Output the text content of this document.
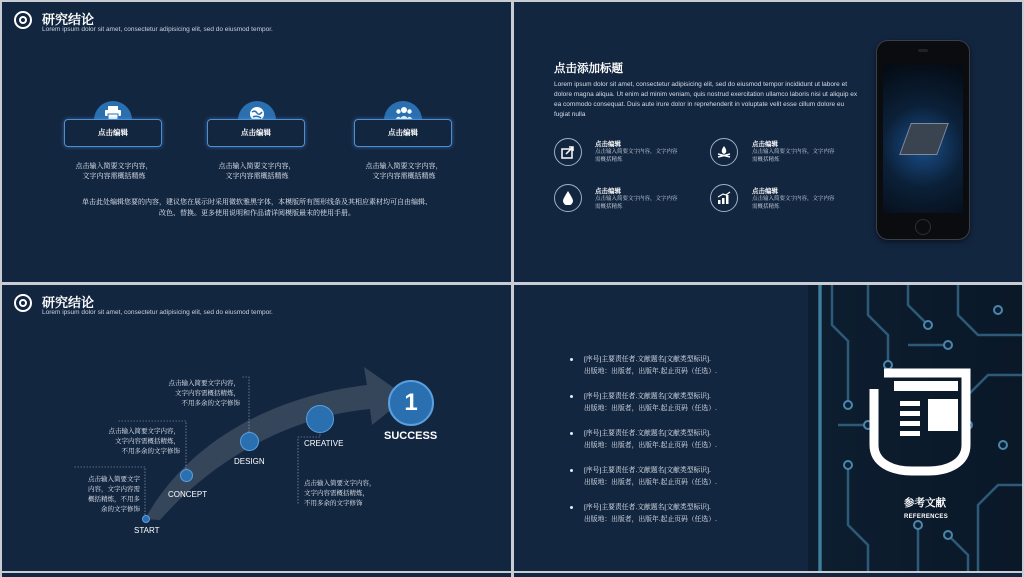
研究结论
Lorem ipsum dolor sit amet, consectetur adipisicing elit, sed do eiusmod tempor.
点击编辑
点击输入简要文字内容，
文字内容需概括精炼
点击编辑
点击输入简要文字内容，
文字内容需概括精炼
点击编辑
点击输入简要文字内容，
文字内容需概括精炼
单击此处编辑您要的内容，建议您在展示时采用微软雅黑字体，本模版所有图形线条及其相应素材均可自由编辑、
改色、替换。更多使用说明和作品请详阅模版最末的使用手册。
点击添加标题
Lorem ipsum dolor sit amet, consectetur adipisicing elit, sed do eiusmod tempor incididunt ut labore et dolore magna aliqua. Ut enim ad minim veniam, quis nostrud exercitation ullamco laboris nisi ut aliquip ex ea commodo consequat. Duis aute irure dolor in reprehenderit in voluptate velit esse cillum dolore eu fugiat nulla
点击编辑
点击输入简要文字内容，文字内容
需概括精炼
点击编辑
点击输入简要文字内容，文字内容
需概括精炼
点击编辑
点击输入简要文字内容，文字内容
需概括精炼
点击编辑
点击输入简要文字内容，文字内容
需概括精炼
研究结论
Lorem ipsum dolor sit amet, consectetur adipisicing elit, sed do eiusmod tempor.
START
CONCEPT
DESIGN
CREATIVE
1
SUCCESS
点击输入简要文字内容，
文字内容需概括精炼，
不用多余的文字修饰
点击输入简要文字内容，
文字内容需概括精炼，
不用多余的文字修饰
点击输入简要文字
内容，文字内容需
概括精炼，不用多
余的文字修饰
点击输入简要文字内容，
文字内容需概括精炼，
不用多余的文字修饰
[序号]主要责任者.文献题名[文献类型标识].
出版地：出版者，出版年.起止页码（任选）.
[序号]主要责任者.文献题名[文献类型标识].
出版地：出版者，出版年.起止页码（任选）.
[序号]主要责任者.文献题名[文献类型标识].
出版地：出版者，出版年.起止页码（任选）.
[序号]主要责任者.文献题名[文献类型标识].
出版地：出版者，出版年.起止页码（任选）.
[序号]主要责任者.文献题名[文献类型标识].
出版地：出版者，出版年.起止页码（任选）.
参考文献
REFERENCES
